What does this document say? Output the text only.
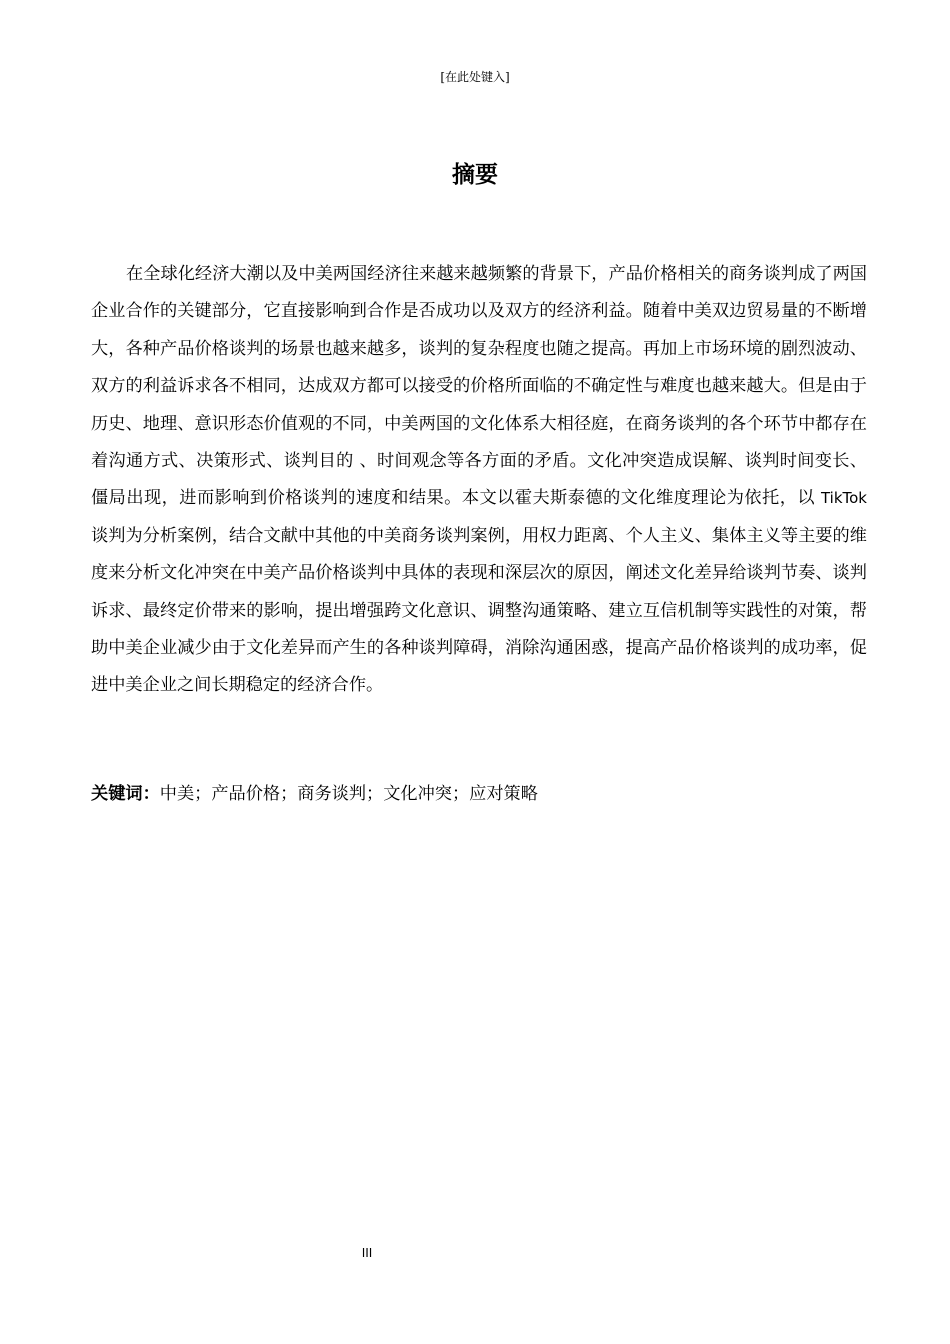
[在此处键入]
摘要

在全球化经济大潮以及中美两国经济往来越来越频繁的背景下，产品价格相关的商务谈判成了两国企业合作的关键部分，它直接影响到合作是否成功以及双方的经济利益。随着中美双边贸易量的不断增大，各种产品价格谈判的场景也越来越多，谈判的复杂程度也随之提高。再加上市场环境的剧烈波动、双方的利益诉求各不相同，达成双方都可以接受的价格所面临的不确定性与难度也越来越大。但是由于历史、地理、意识形态价值观的不同，中美两国的文化体系大相径庭，在商务谈判的各个环节中都存在着沟通方式、决策形式、谈判目的 、时间观念等各方面的矛盾。文化冲突造成误解、谈判时间变长、僵局出现，进而影响到价格谈判的速度和结果。本文以霍夫斯泰德的文化维度理论为依托，以 TikTok 谈判为分析案例，结合文献中其他的中美商务谈判案例，用权力距离、个人主义、集体主义等主要的维度来分析文化冲突在中美产品价格谈判中具体的表现和深层次的原因，阐述文化差异给谈判节奏、谈判诉求、最终定价带来的影响，提出增强跨文化意识、调整沟通策略、建立互信机制等实践性的对策，帮助中美企业减少由于文化差异而产生的各种谈判障碍，消除沟通困惑，提高产品价格谈判的成功率，促进中美企业之间长期稳定的经济合作。

关键词：中美；产品价格；商务谈判；文化冲突；应对策略
III
